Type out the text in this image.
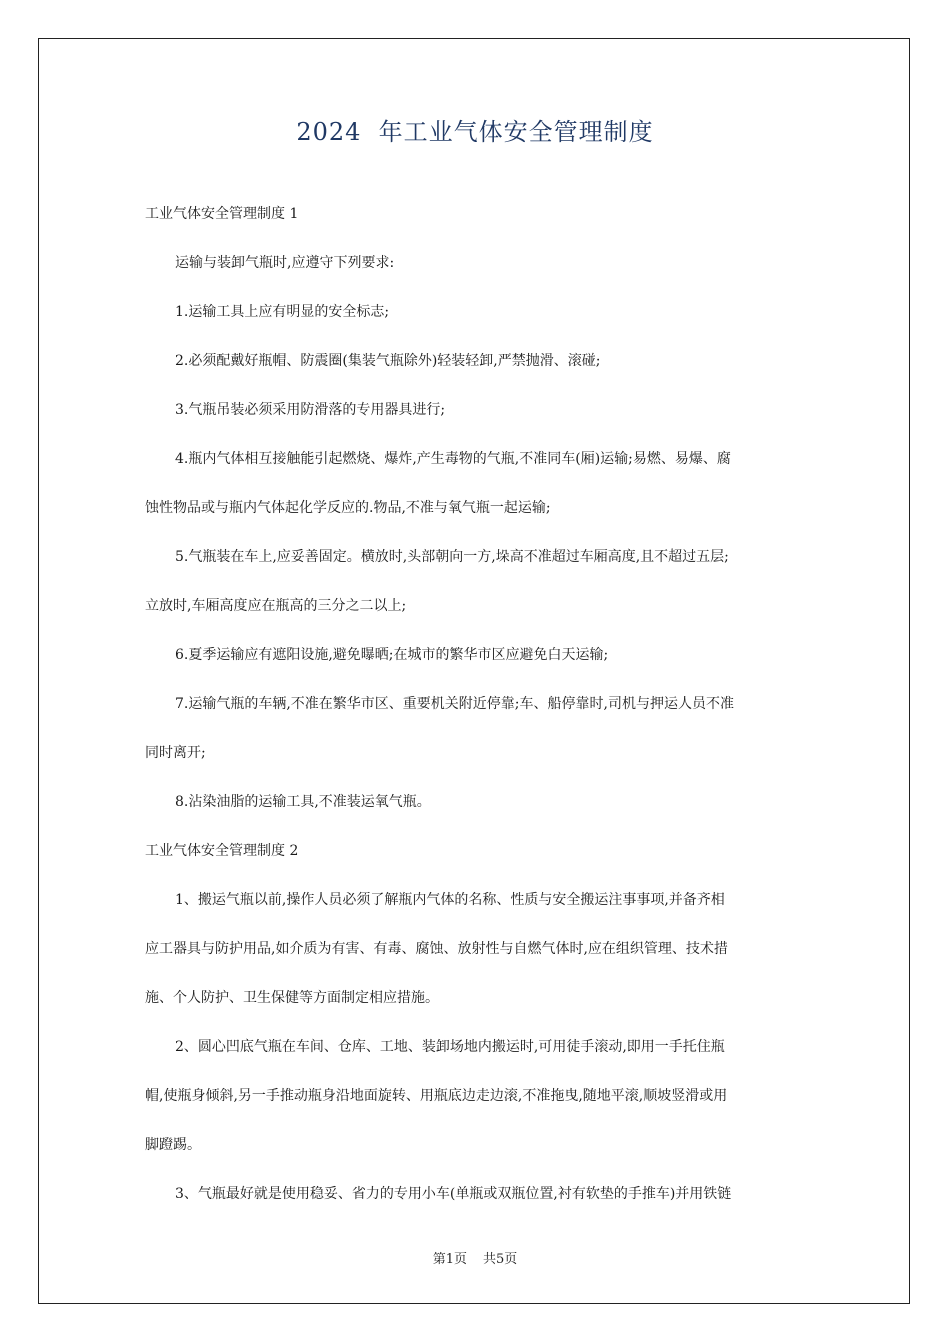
2024  年工业气体安全管理制度
工业气体安全管理制度 1
运输与装卸气瓶时,应遵守下列要求:
1.运输工具上应有明显的安全标志;
2.必须配戴好瓶帽、防震圈(集装气瓶除外)轻装轻卸,严禁抛滑、滚碰;
3.气瓶吊装必须采用防滑落的专用器具进行;
4.瓶内气体相互接触能引起燃烧、爆炸,产生毒物的气瓶,不准同车(厢)运输;易燃、易爆、腐
蚀性物品或与瓶内气体起化学反应的.物品,不准与氧气瓶一起运输;
5.气瓶装在车上,应妥善固定。横放时,头部朝向一方,垛高不准超过车厢高度,且不超过五层;
立放时,车厢高度应在瓶高的三分之二以上;
6.夏季运输应有遮阳设施,避免曝晒;在城市的繁华市区应避免白天运输;
7.运输气瓶的车辆,不准在繁华市区、重要机关附近停靠;车、船停靠时,司机与押运人员不准
同时离开;
8.沾染油脂的运输工具,不准装运氧气瓶。
工业气体安全管理制度 2
1、搬运气瓶以前,操作人员必须了解瓶内气体的名称、性质与安全搬运注事事项,并备齐相
应工器具与防护用品,如介质为有害、有毒、腐蚀、放射性与自燃气体时,应在组织管理、技术措
施、个人防护、卫生保健等方面制定相应措施。
2、圆心凹底气瓶在车间、仓库、工地、装卸场地内搬运时,可用徒手滚动,即用一手托住瓶
帽,使瓶身倾斜,另一手推动瓶身沿地面旋转、用瓶底边走边滚,不准拖曳,随地平滚,顺坡竖滑或用
脚蹬踢。
3、气瓶最好就是使用稳妥、省力的专用小车(单瓶或双瓶位置,衬有软垫的手推车)并用铁链
第1页 共5页
